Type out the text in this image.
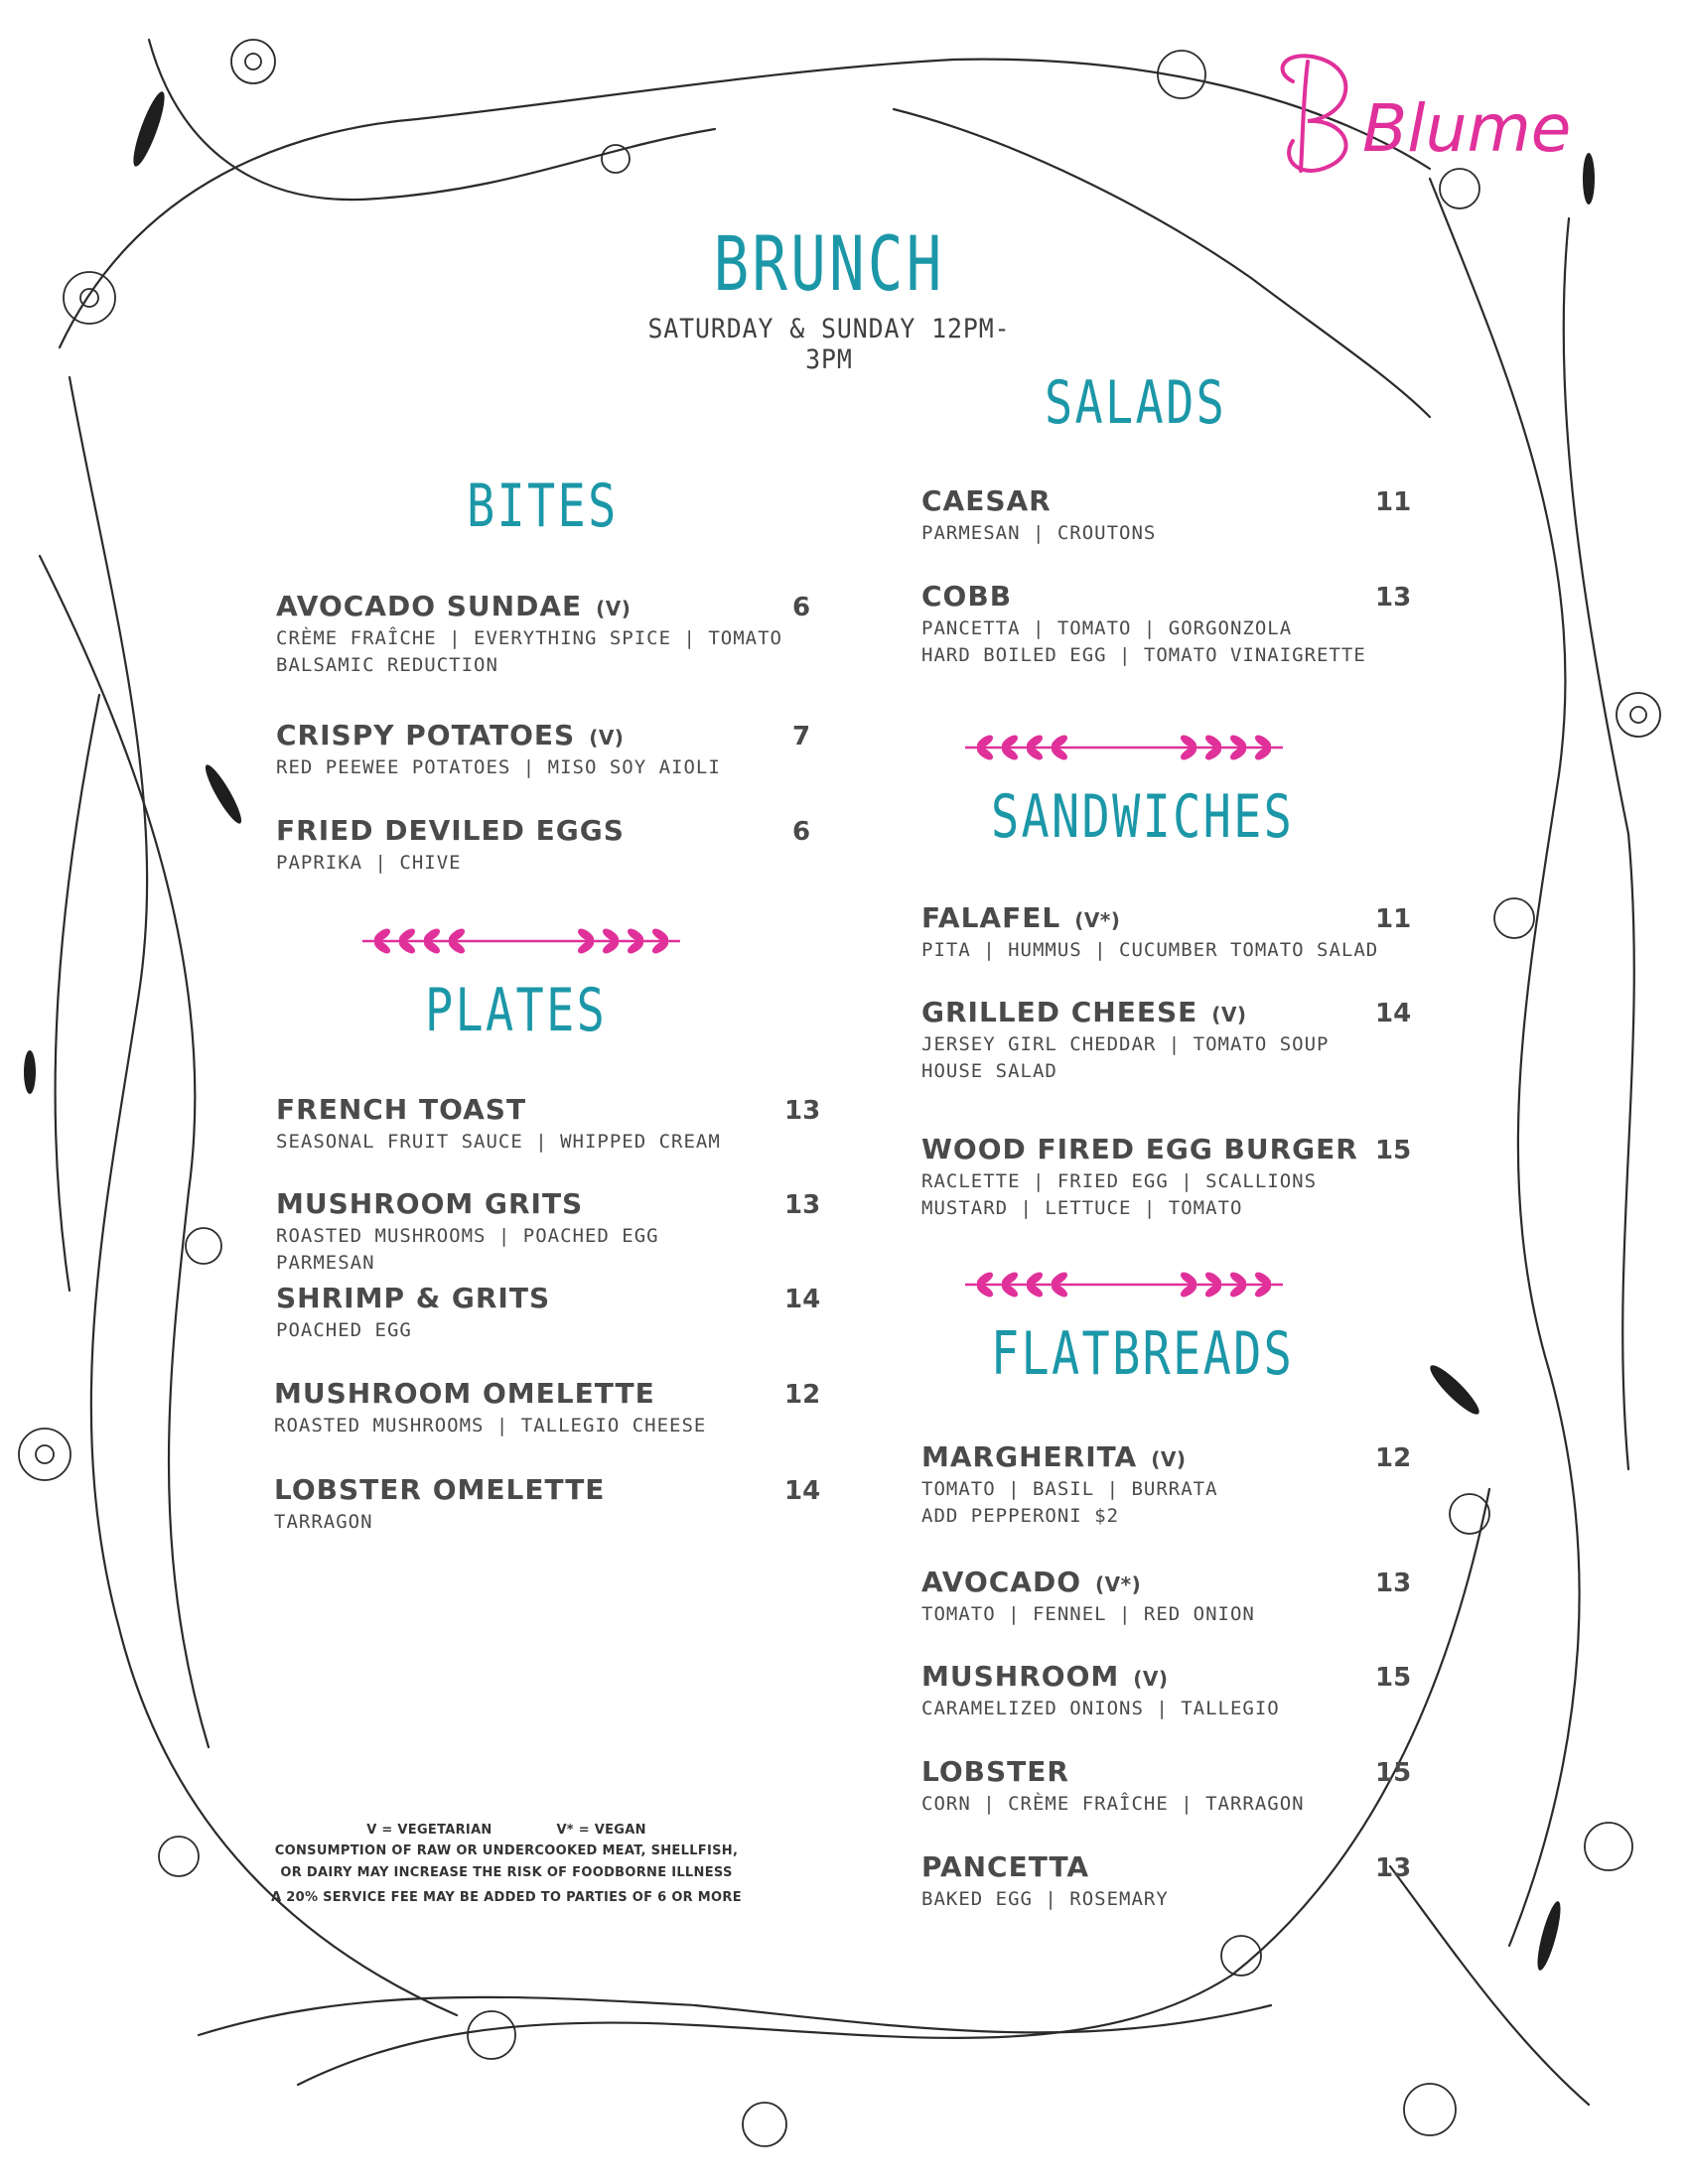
Blume
BRUNCH
SATURDAY & SUNDAY 12PM-3PM
BITES
AVOCADO SUNDAE (V)
CRÈME FRAÎCHE | EVERYTHING SPICE | TOMATO
BALSAMIC REDUCTION
6
CRISPY POTATOES (V)
RED PEEWEE POTATOES | MISO SOY AIOLI
7
FRIED DEVILED EGGS
PAPRIKA | CHIVE
6
PLATES
FRENCH TOAST
SEASONAL FRUIT SAUCE | WHIPPED CREAM
13
MUSHROOM GRITS
ROASTED MUSHROOMS | POACHED EGG
PARMESAN
13
SHRIMP & GRITS
POACHED EGG
14
MUSHROOM OMELETTE
ROASTED MUSHROOMS | TALLEGIO CHEESE
12
LOBSTER OMELETTE
TARRAGON
14
V = VEGETARIAN	V* = VEGAN
CONSUMPTION OF RAW OR UNDERCOOKED MEAT, SHELLFISH,
OR DAIRY MAY INCREASE THE RISK OF FOODBORNE ILLNESS
A 20% SERVICE FEE MAY BE ADDED TO PARTIES OF 6 OR MORE
SALADS
CAESAR
PARMESAN | CROUTONS
11
COBB
PANCETTA | TOMATO | GORGONZOLA
HARD BOILED EGG | TOMATO VINAIGRETTE
13
SANDWICHES
FALAFEL (V*)
PITA | HUMMUS | CUCUMBER TOMATO SALAD
11
GRILLED CHEESE (V)
JERSEY GIRL CHEDDAR | TOMATO SOUP
HOUSE SALAD
14
WOOD FIRED EGG BURGER
RACLETTE | FRIED EGG | SCALLIONS
MUSTARD | LETTUCE | TOMATO
15
FLATBREADS
MARGHERITA (V)
TOMATO | BASIL | BURRATA
ADD PEPPERONI $2
12
AVOCADO (V*)
TOMATO | FENNEL | RED ONION
13
MUSHROOM (V)
CARAMELIZED ONIONS | TALLEGIO
15
LOBSTER
CORN | CRÈME FRAÎCHE | TARRAGON
15
PANCETTA
BAKED EGG | ROSEMARY
13
